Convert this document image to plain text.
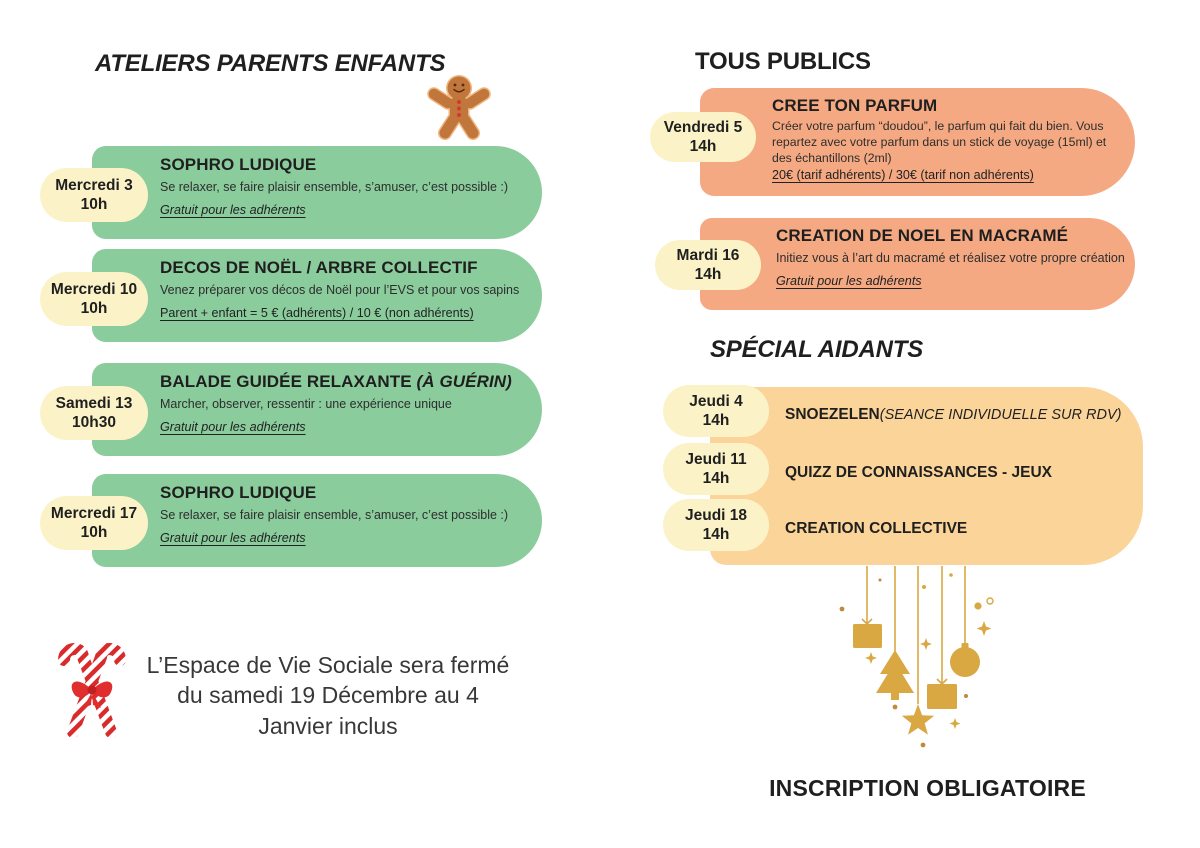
ATELIERS PARENTS ENFANTS
SOPHRO LUDIQUE
Se relaxer, se faire plaisir ensemble, s’amuser, c’est possible :)
Gratuit pour les adhérents
Mercredi 3
10h
DECOS DE NOËL / ARBRE COLLECTIF
Venez préparer vos décos de Noël pour l’EVS et pour vos sapins
Parent + enfant = 5 € (adhérents) / 10 € (non adhérents)
Mercredi 10
10h
BALADE GUIDÉE RELAXANTE (À GUÉRIN)
Marcher, observer, ressentir : une expérience unique
Gratuit pour les adhérents
Samedi 13
10h30
SOPHRO LUDIQUE
Se relaxer, se faire plaisir ensemble, s’amuser, c’est possible :)
Gratuit pour les adhérents
Mercredi 17
10h
L’Espace de Vie Sociale sera fermé
du samedi 19 Décembre au 4
Janvier inclus
TOUS PUBLICS
CREE TON PARFUM
Créer votre parfum “doudou”, le parfum qui fait du bien. Vous repartez avec votre parfum dans un stick de voyage (15ml) et des échantillons (2ml)
20€ (tarif adhérents) / 30€ (tarif non adhérents)
Vendredi 5
14h
CREATION DE NOEL EN MACRAMÉ
Initiez vous à l’art du macramé et réalisez votre propre création
Gratuit pour les adhérents
Mardi 16
14h
SPÉCIAL AIDANTS
SNOEZELEN (SEANCE INDIVIDUELLE SUR RDV)
QUIZZ DE CONNAISSANCES - JEUX
CREATION COLLECTIVE
Jeudi 4
14h
Jeudi 11
14h
Jeudi 18
14h
INSCRIPTION OBLIGATOIRE
